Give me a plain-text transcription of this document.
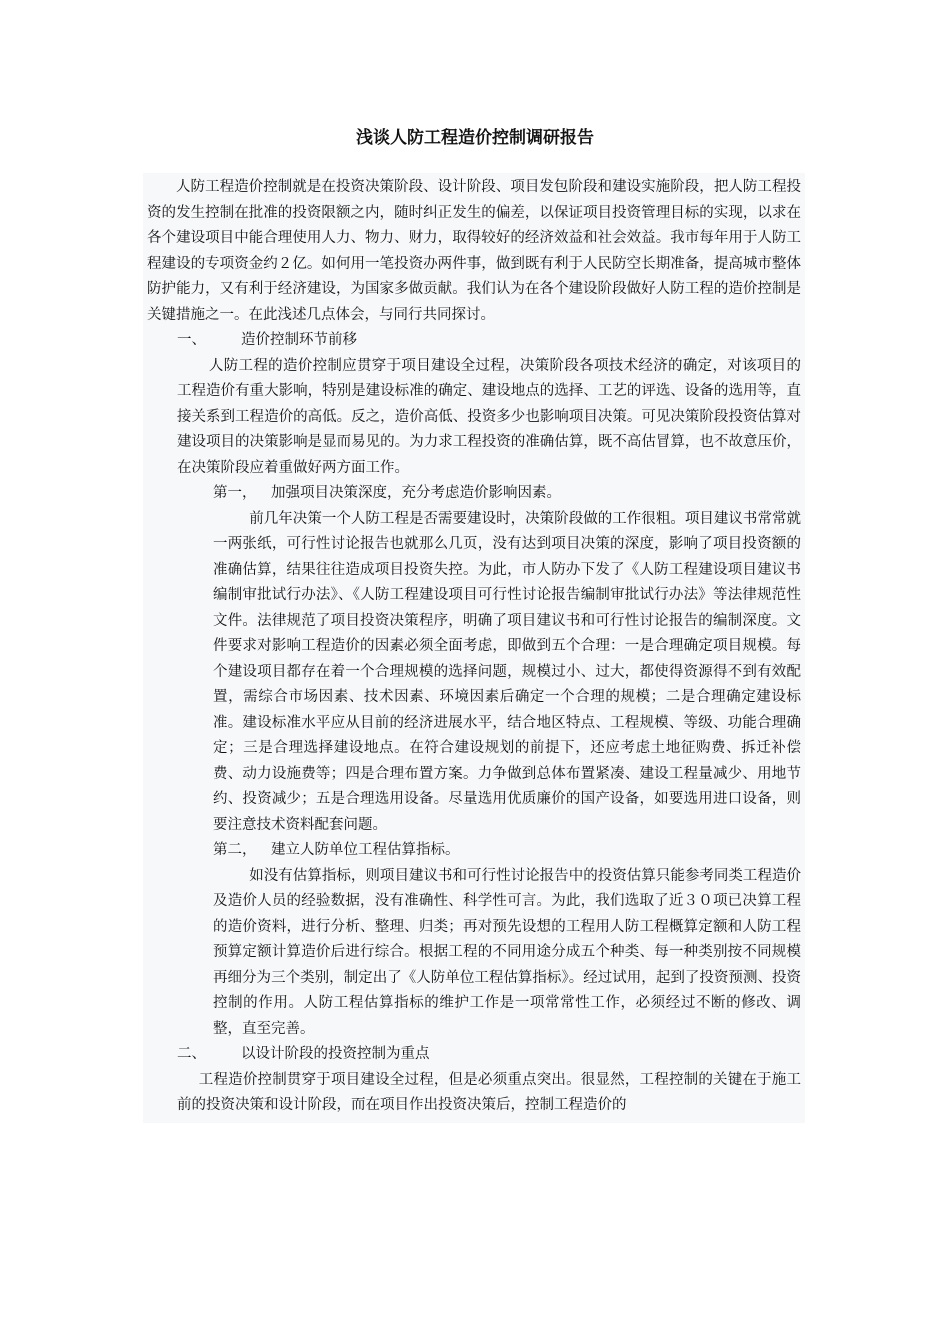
浅谈人防工程造价控制调研报告

人防工程造价控制就是在投资决策阶段、设计阶段、项目发包阶段和建设实施阶段，把人防工程投资的发生控制在批准的投资限额之内，随时纠正发生的偏差，以保证项目投资管理目标的实现，以求在各个建设项目中能合理使用人力、物力、财力，取得较好的经济效益和社会效益。我市每年用于人防工程建设的专项资金约２亿。如何用一笔投资办两件事，做到既有利于人民防空长期准备，提高城市整体防护能力，又有利于经济建设，为国家多做贡献。我们认为在各个建设阶段做好人防工程的造价控制是关键措施之一。在此浅述几点体会，与同行共同探讨。

一、 造价控制环节前移

人防工程的造价控制应贯穿于项目建设全过程，决策阶段各项技术经济的确定，对该项目的工程造价有重大影响，特别是建设标准的确定、建设地点的选择、工艺的评选、设备的选用等，直接关系到工程造价的高低。反之，造价高低、投资多少也影响项目决策。可见决策阶段投资估算对建设项目的决策影响是显而易见的。为力求工程投资的准确估算，既不高估冒算，也不故意压价，在决策阶段应着重做好两方面工作。

第一， 加强项目决策深度，充分考虑造价影响因素。

前几年决策一个人防工程是否需要建设时，决策阶段做的工作很粗。项目建议书常常就一两张纸，可行性讨论报告也就那么几页，没有达到项目决策的深度，影响了项目投资额的准确估算，结果往往造成项目投资失控。为此，市人防办下发了《人防工程建设项目建议书编制审批试行办法》、《人防工程建设项目可行性讨论报告编制审批试行办法》等法律规范性文件。法律规范了项目投资决策程序，明确了项目建议书和可行性讨论报告的编制深度。文件要求对影响工程造价的因素必须全面考虑，即做到五个合理：一是合理确定项目规模。每个建设项目都存在着一个合理规模的选择问题，规模过小、过大，都使得资源得不到有效配置，需综合市场因素、技术因素、环境因素后确定一个合理的规模；二是合理确定建设标准。建设标准水平应从目前的经济进展水平，结合地区特点、工程规模、等级、功能合理确定；三是合理选择建设地点。在符合建设规划的前提下，还应考虑土地征购费、拆迁补偿费、动力设施费等；四是合理布置方案。力争做到总体布置紧凑、建设工程量减少、用地节约、投资减少；五是合理选用设备。尽量选用优质廉价的国产设备，如要选用进口设备，则要注意技术资料配套问题。

第二， 建立人防单位工程估算指标。

如没有估算指标，则项目建议书和可行性讨论报告中的投资估算只能参考同类工程造价及造价人员的经验数据，没有准确性、科学性可言。为此，我们选取了近３０项已决算工程的造价资料，进行分析、整理、归类；再对预先设想的工程用人防工程概算定额和人防工程预算定额计算造价后进行综合。根据工程的不同用途分成五个种类、每一种类别按不同规模再细分为三个类别，制定出了《人防单位工程估算指标》。经过试用，起到了投资预测、投资控制的作用。人防工程估算指标的维护工作是一项常常性工作，必须经过不断的修改、调整，直至完善。

二、 以设计阶段的投资控制为重点

工程造价控制贯穿于项目建设全过程，但是必须重点突出。很显然，工程控制的关键在于施工前的投资决策和设计阶段，而在项目作出投资决策后，控制工程造价的
